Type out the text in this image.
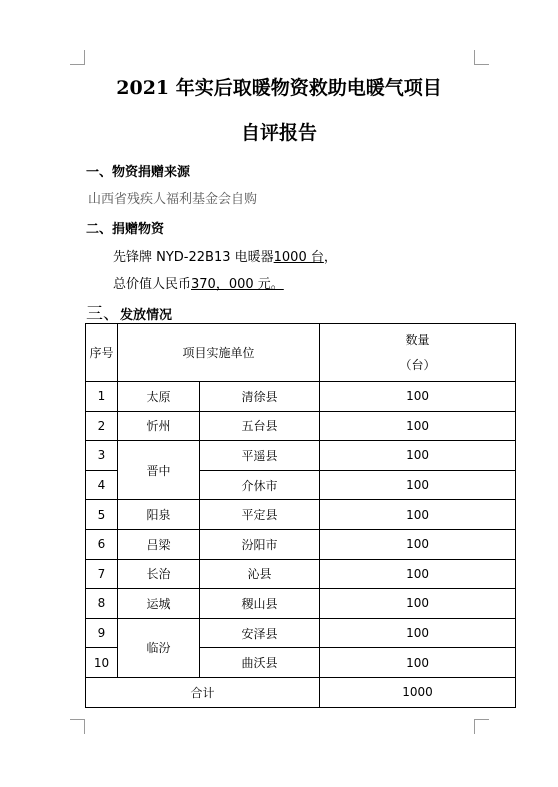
2021 年实后取暖物资救助电暖气项目
自评报告
一、物资捐赠来源
山西省残疾人福利基金会自购
二、捐赠物资
先锋牌 NYD-22B13 电暖器1000 台，
总价值人民币370，000 元。
三、发放情况
序号	项目实施单位		数量
（台）

1	太原	清徐县	100
2	忻州	五台县	100
3	晋中	平遥县	100
4		介休市	100
5	阳泉	平定县	100
6	吕梁	汾阳市	100
7	长治	沁县	100
8	运城	稷山县	100
9	临汾	安泽县	100
10		曲沃县	100
合计			1000
